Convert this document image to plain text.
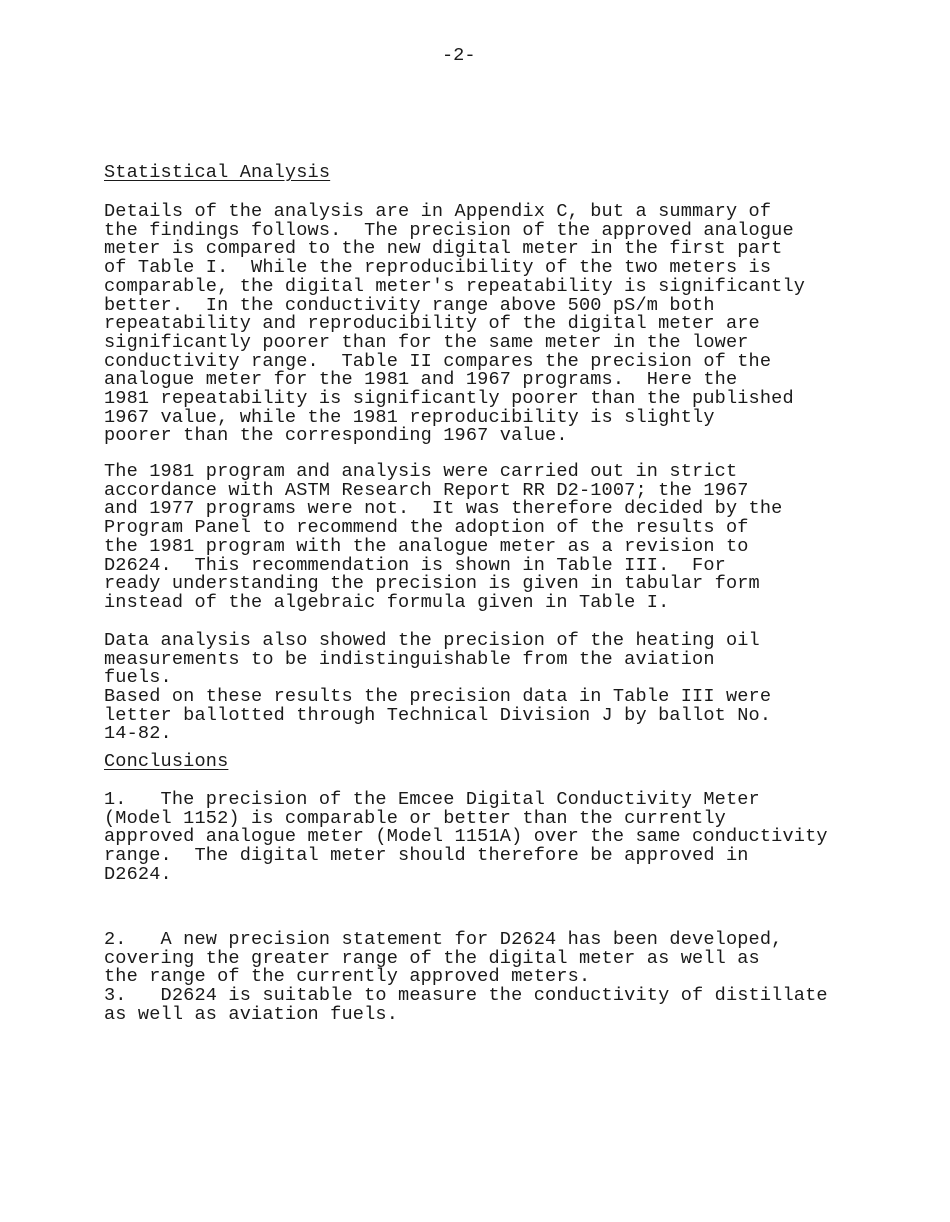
-2-
Statistical Analysis
Details of the analysis are in Appendix C, but a summary of
the findings follows.  The precision of the approved analogue
meter is compared to the new digital meter in the first part
of Table I.  While the reproducibility of the two meters is
comparable, the digital meter's repeatability is significantly
better.  In the conductivity range above 500 pS/m both
repeatability and reproducibility of the digital meter are
significantly poorer than for the same meter in the lower
conductivity range.  Table II compares the precision of the
analogue meter for the 1981 and 1967 programs.  Here the
1981 repeatability is significantly poorer than the published
1967 value, while the 1981 reproducibility is slightly
poorer than the corresponding 1967 value.
The 1981 program and analysis were carried out in strict
accordance with ASTM Research Report RR D2-1007; the 1967
and 1977 programs were not.  It was therefore decided by the
Program Panel to recommend the adoption of the results of
the 1981 program with the analogue meter as a revision to
D2624.  This recommendation is shown in Table III.  For
ready understanding the precision is given in tabular form
instead of the algebraic formula given in Table I.
Data analysis also showed the precision of the heating oil
measurements to be indistinguishable from the aviation
fuels.
Based on these results the precision data in Table III were
letter ballotted through Technical Division J by ballot No.
14-82.
Conclusions
1.   The precision of the Emcee Digital Conductivity Meter
(Model 1152) is comparable or better than the currently
approved analogue meter (Model 1151A) over the same conductivity
range.  The digital meter should therefore be approved in
D2624.
2.   A new precision statement for D2624 has been developed,
covering the greater range of the digital meter as well as
the range of the currently approved meters.
3.   D2624 is suitable to measure the conductivity of distillate
as well as aviation fuels.
